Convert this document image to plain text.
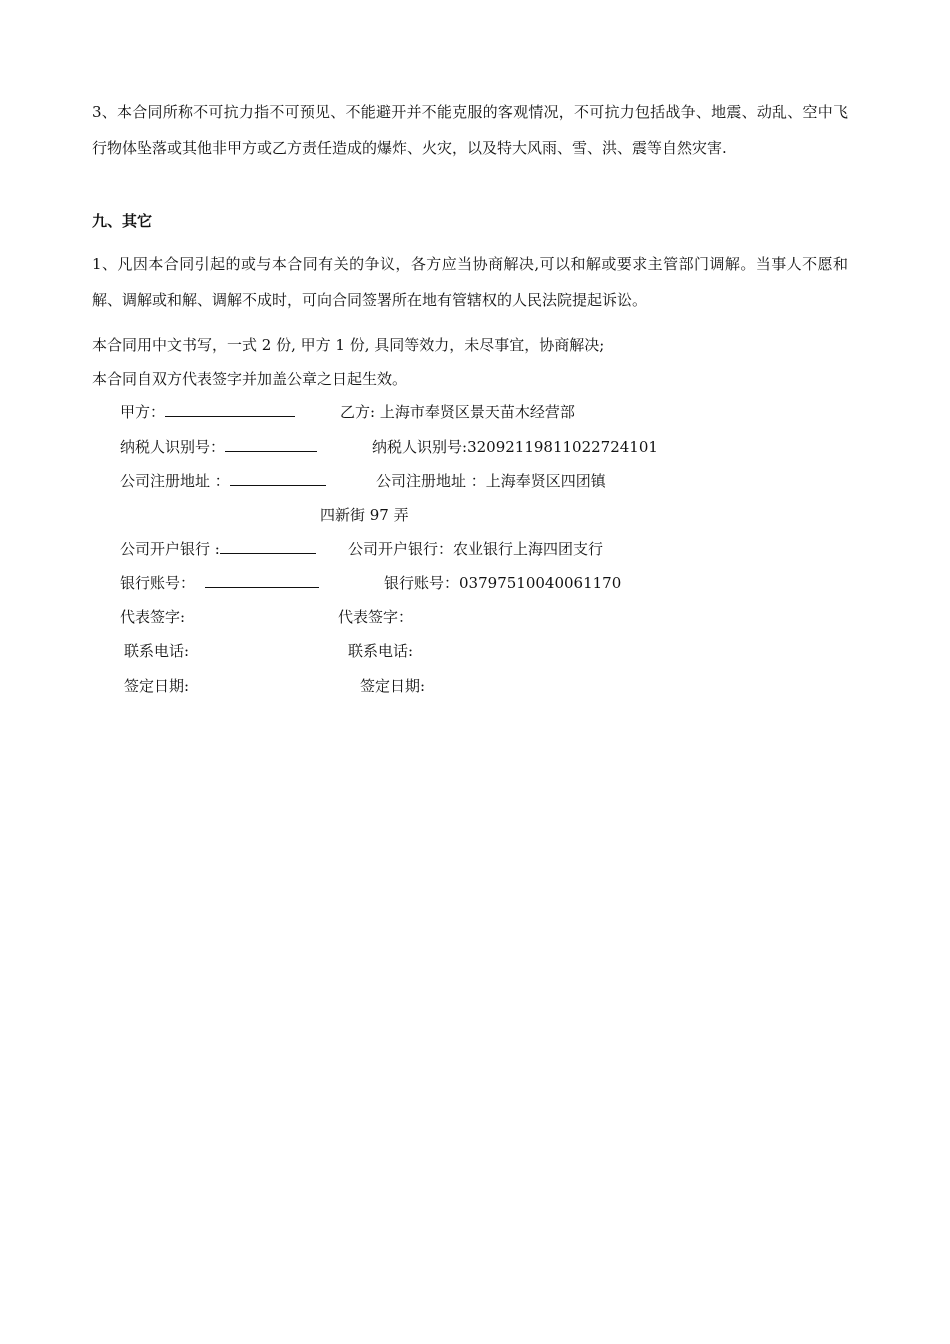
3、本合同所称不可抗力指不可预见、不能避开并不能克服的客观情况，不可抗力包括战争、地震、动乱、空中飞行物体坠落或其他非甲方或乙方责任造成的爆炸、火灾，以及特大风雨、雪、洪、震等自然灾害.
九、其它
1、凡因本合同引起的或与本合同有关的争议，各方应当协商解决,可以和解或要求主管部门调解。当事人不愿和解、调解或和解、调解不成时，可向合同签署所在地有管辖权的人民法院提起诉讼。
本合同用中文书写，一式 2 份, 甲方 1 份, 具同等效力，未尽事宜，协商解决;
本合同自双方代表签字并加盖公章之日起生效。
甲方：	乙方: 上海市奉贤区景天苗木经营部
纳税人识别号：	纳税人识别号:320921198110227241​01
公司注册地址 ：	公司注册地址 ：上海奉贤区四团镇
四新街 97 弄
公司开户银行 :	公司开户银行：农业银行上海四团支行
银行账号：	银行账号：03797510040061170
代表签字:	代表签字：
联系电话:	联系电话:
签定日期:	签定日期:
